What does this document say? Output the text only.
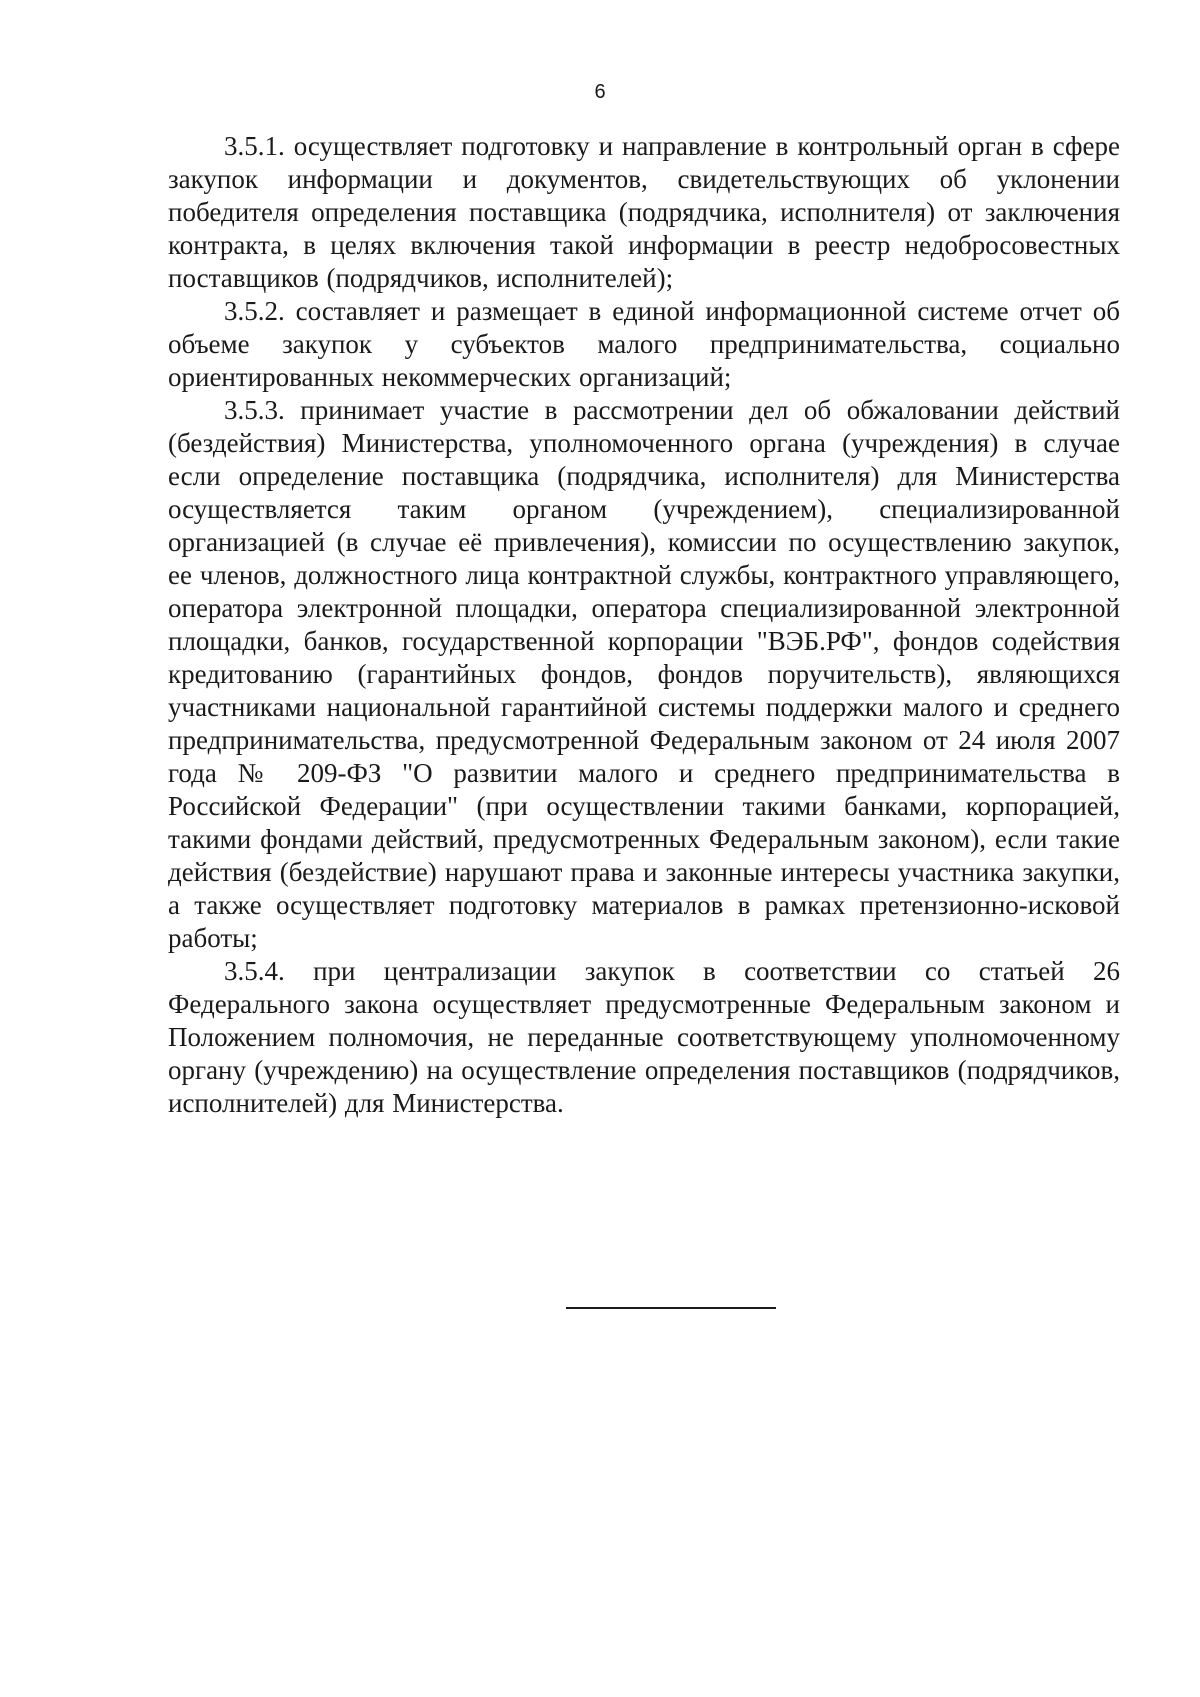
6

3.5.1. осуществляет подготовку и направление в контрольный орган в сфере закупок информации и документов, свидетельствующих об уклонении победителя определения поставщика (подрядчика, исполнителя) от заключения контракта, в целях включения такой информации в реестр недобросовестных поставщиков (подрядчиков, исполнителей);

3.5.2. составляет и размещает в единой информационной системе отчет об объеме закупок у субъектов малого предпринимательства, социально ориентированных некоммерческих организаций;

3.5.3. принимает участие в рассмотрении дел об обжаловании действий (бездействия) Министерства, уполномоченного органа (учреждения) в случае если определение поставщика (подрядчика, исполнителя) для Министерства осуществляется таким органом (учреждением), специализированной организацией (в случае её привлечения), комиссии по осуществлению закупок, ее членов, должностного лица контрактной службы, контрактного управляющего, оператора электронной площадки, оператора специализированной электронной площадки, банков, государственной корпорации "ВЭБ.РФ", фондов содействия кредитованию (гарантийных фондов, фондов поручительств), являющихся участниками национальной гарантийной системы поддержки малого и среднего предпринимательства, предусмотренной Федеральным законом от 24 июля 2007 года № 209-ФЗ "О развитии малого и среднего предпринимательства в Российской Федерации" (при осуществлении такими банками, корпорацией, такими фондами действий, предусмотренных Федеральным законом), если такие действия (бездействие) нарушают права и законные интересы участника закупки, а также осуществляет подготовку материалов в рамках претензионно-исковой работы;

3.5.4. при централизации закупок в соответствии со статьей 26 Федерального закона осуществляет предусмотренные Федеральным законом и Положением полномочия, не переданные соответствующему уполномоченному органу (учреждению) на осуществление определения поставщиков (подрядчиков, исполнителей) для Министерства.
